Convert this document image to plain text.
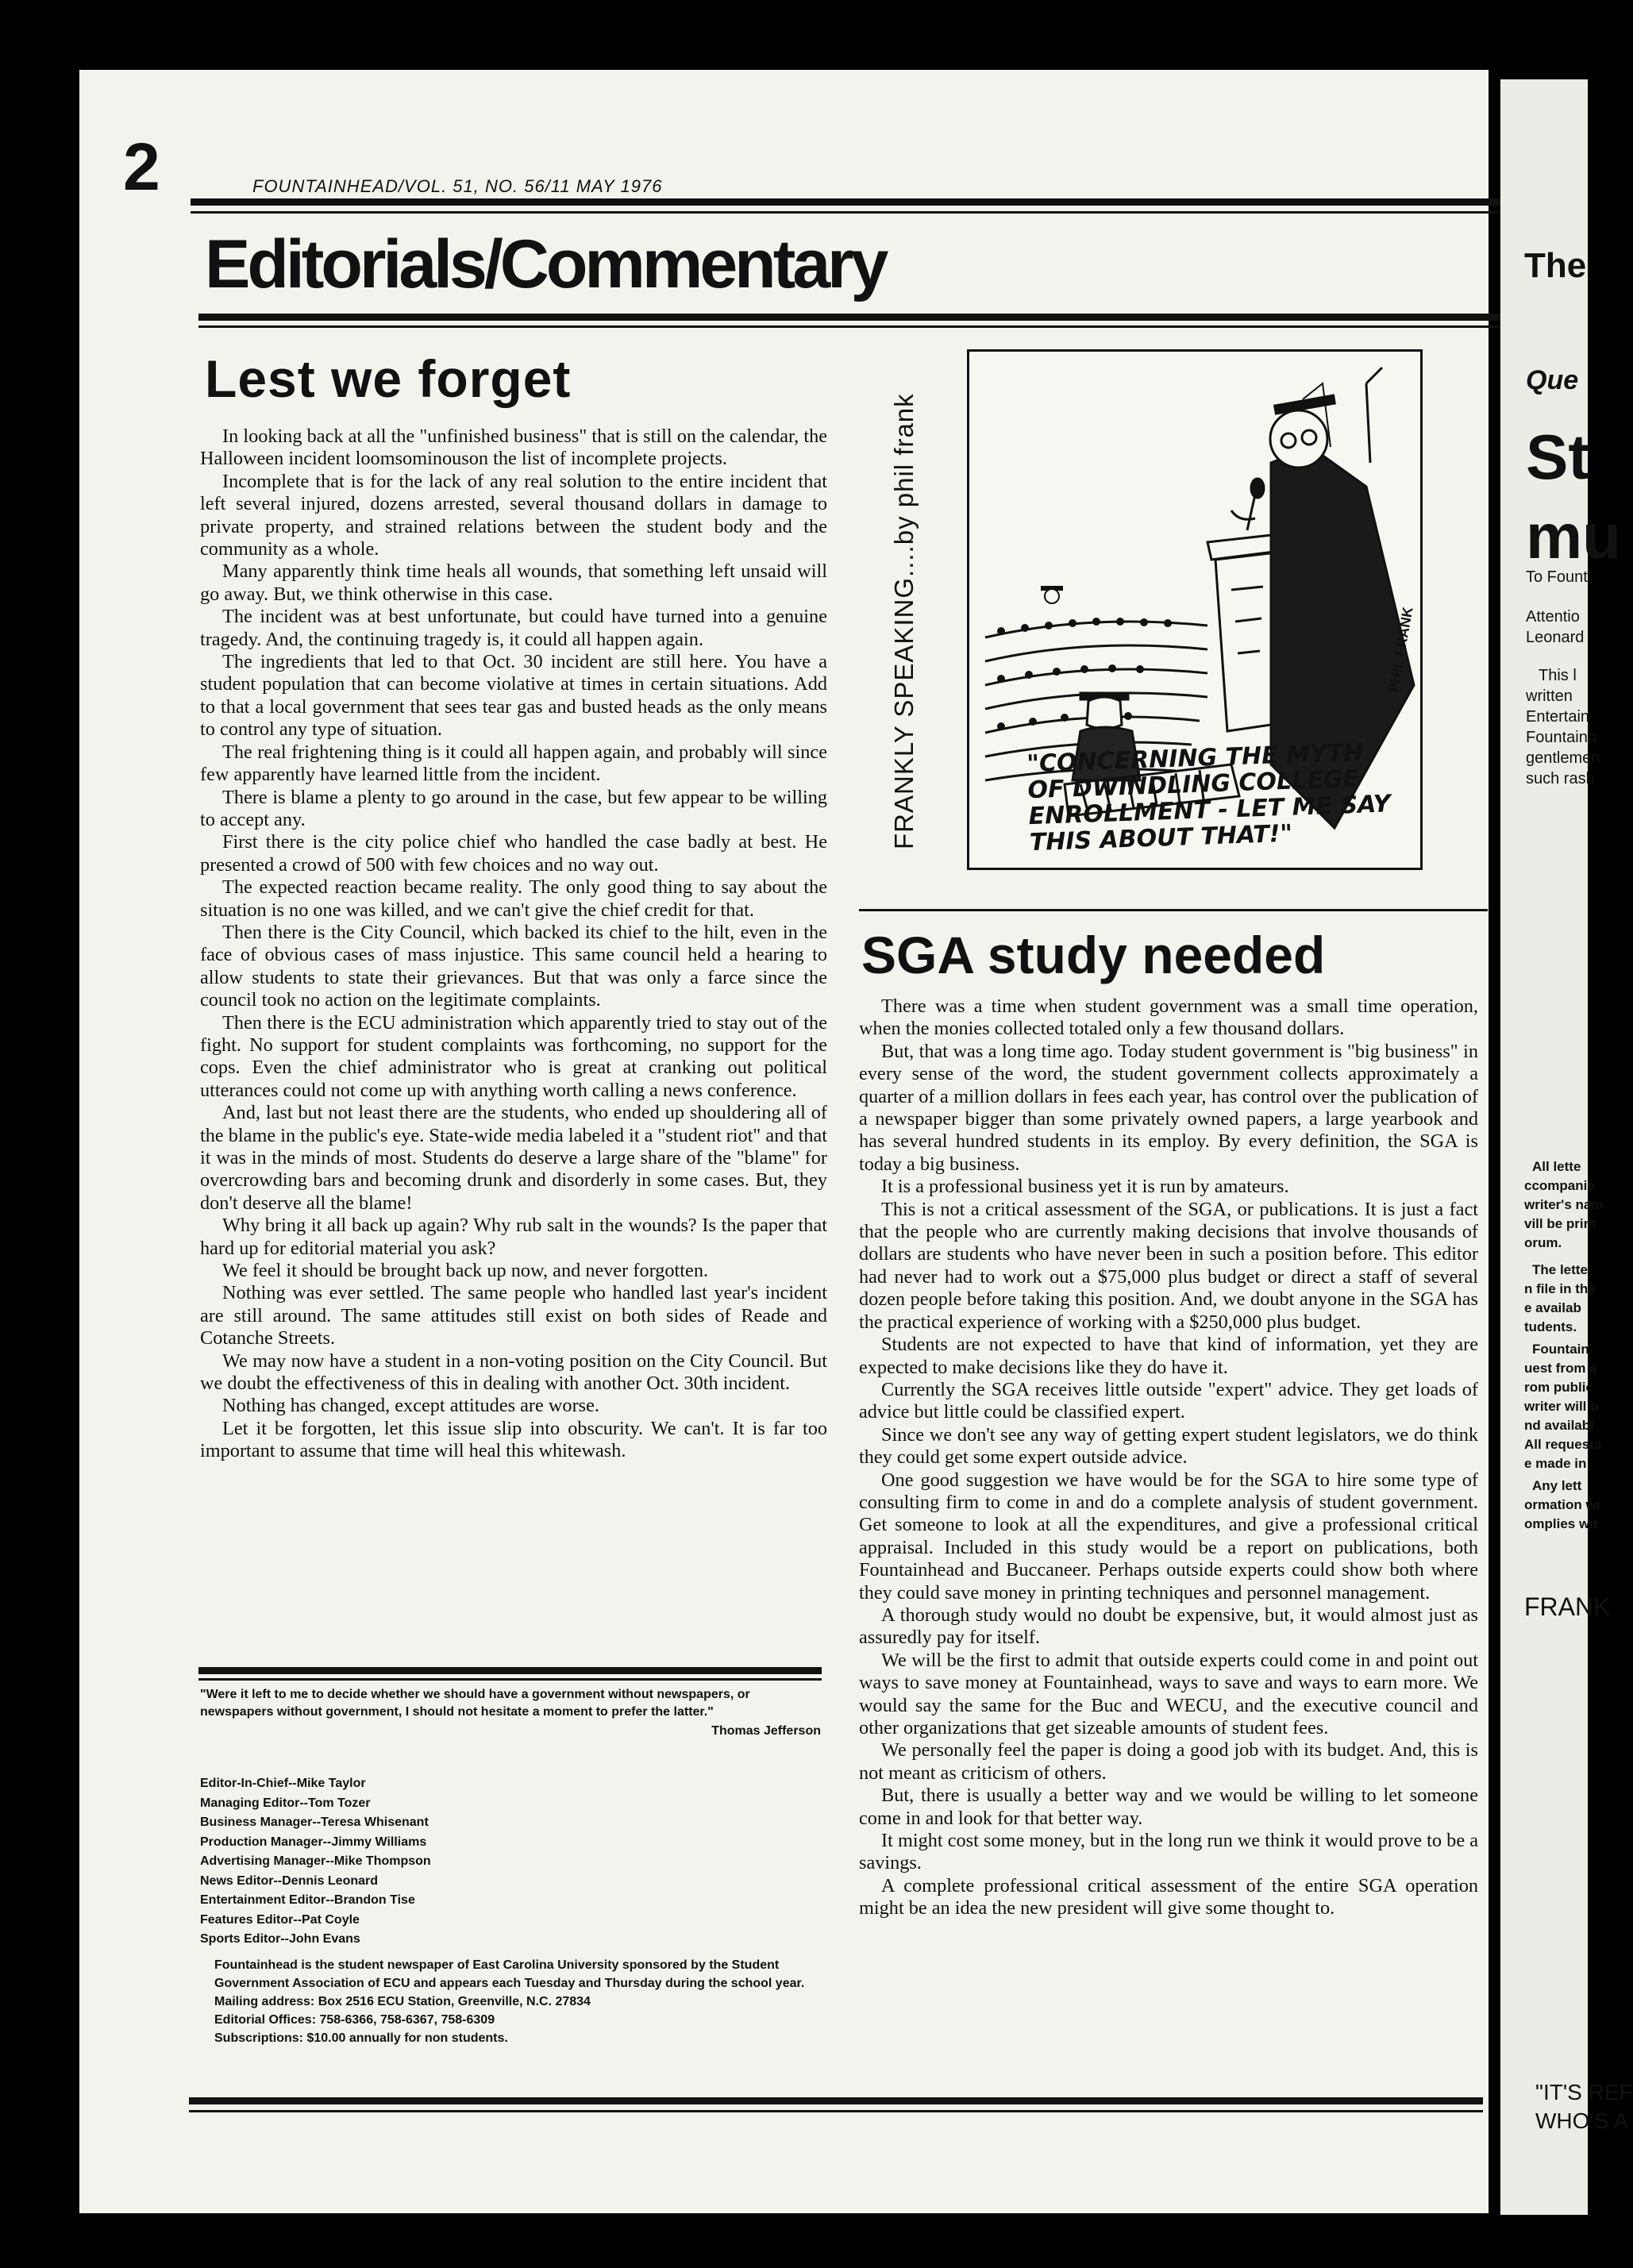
2	FOUNTAINHEAD/VOL. 51, NO. 56/11 MAY 1976
Editorials/Commentary
Lest we forget

In looking back at all the "unfinished business" that is still on the calendar, the Halloween incident loomsominouson the list of incomplete projects.

Incomplete that is for the lack of any real solution to the entire incident that left several injured, dozens arrested, several thousand dollars in damage to private property, and strained relations between the student body and the community as a whole.

Many apparently think time heals all wounds, that something left unsaid will go away. But, we think otherwise in this case.

The incident was at best unfortunate, but could have turned into a genuine tragedy. And, the continuing tragedy is, it could all happen again.

The ingredients that led to that Oct. 30 incident are still here. You have a student population that can become violative at times in certain situations. Add to that a local government that sees tear gas and busted heads as the only means to control any type of situation.

The real frightening thing is it could all happen again, and probably will since few apparently have learned little from the incident.

There is blame a plenty to go around in the case, but few appear to be willing to accept any.

First there is the city police chief who handled the case badly at best. He presented a crowd of 500 with few choices and no way out.

The expected reaction became reality. The only good thing to say about the situation is no one was killed, and we can't give the chief credit for that.

Then there is the City Council, which backed its chief to the hilt, even in the face of obvious cases of mass injustice. This same council held a hearing to allow students to state their grievances. But that was only a farce since the council took no action on the legitimate complaints.

Then there is the ECU administration which apparently tried to stay out of the fight. No support for student complaints was forthcoming, no support for the cops. Even the chief administrator who is great at cranking out political utterances could not come up with anything worth calling a news conference.

And, last but not least there are the students, who ended up shouldering all of the blame in the public's eye. State-wide media labeled it a "student riot" and that it was in the minds of most. Students do deserve a large share of the "blame" for overcrowding bars and becoming drunk and disorderly in some cases. But, they don't deserve all the blame!

Why bring it all back up again? Why rub salt in the wounds? Is the paper that hard up for editorial material you ask?

We feel it should be brought back up now, and never forgotten.

Nothing was ever settled. The same people who handled last year's incident are still around. The same attitudes still exist on both sides of Reade and Cotanche Streets.

We may now have a student in a non-voting position on the City Council. But we doubt the effectiveness of this in dealing with another Oct. 30th incident.

Nothing has changed, except attitudes are worse.

Let it be forgotten, let this issue slip into obscurity. We can't. It is far too important to assume that time will heal this whitewash.

"Were it left to me to decide whether we should have a government without newspapers, or newspapers without government, I should not hesitate a moment to prefer the latter."
Thomas Jefferson
Editor-In-Chief--Mike Taylor
Managing Editor--Tom Tozer
Business Manager--Teresa Whisenant
Production Manager--Jimmy Williams
Advertising Manager--Mike Thompson
News Editor--Dennis Leonard
Entertainment Editor--Brandon Tise
Features Editor--Pat Coyle
Sports Editor--John Evans
Fountainhead is the student newspaper of East Carolina University sponsored by the Student Government Association of ECU and appears each Tuesday and Thursday during the school year.
Mailing address: Box 2516 ECU Station, Greenville, N.C. 27834
Editorial Offices: 758-6366, 758-6367, 758-6309
Subscriptions: $10.00 annually for non students.
FRANKLY SPEAKING....by phil frank	"CONCERNING THE MYTH OF DWINDLING COLLEGE ENROLLMENT - LET ME SAY THIS ABOUT THAT!"
PHIL FRANK
SGA study needed

There was a time when student government was a small time operation, when the monies collected totaled only a few thousand dollars.

But, that was a long time ago. Today student government is "big business" in every sense of the word, the student government collects approximately a quarter of a million dollars in fees each year, has control over the publication of a newspaper bigger than some privately owned papers, a large yearbook and has several hundred students in its employ. By every definition, the SGA is today a big business.

It is a professional business yet it is run by amateurs.

This is not a critical assessment of the SGA, or publications. It is just a fact that the people who are currently making decisions that involve thousands of dollars are students who have never been in such a position before. This editor had never had to work out a $75,000 plus budget or direct a staff of several dozen people before taking this position. And, we doubt anyone in the SGA has the practical experience of working with a $250,000 plus budget.

Students are not expected to have that kind of information, yet they are expected to make decisions like they do have it.

Currently the SGA receives little outside "expert" advice. They get loads of advice but little could be classified expert.

Since we don't see any way of getting expert student legislators, we do think they could get some expert outside advice.

One good suggestion we have would be for the SGA to hire some type of consulting firm to come in and do a complete analysis of student government. Get someone to look at all the expenditures, and give a professional critical appraisal. Included in this study would be a report on publications, both Fountainhead and Buccaneer. Perhaps outside experts could show both where they could save money in printing techniques and personnel management.

A thorough study would no doubt be expensive, but, it would almost just as assuredly pay for itself.

We will be the first to admit that outside experts could come in and point out ways to save money at Fountainhead, ways to save and ways to earn more. We would say the same for the Buc and WECU, and the executive council and other organizations that get sizeable amounts of student fees.

We personally feel the paper is doing a good job with its budget. And, this is not meant as criticism of others.

But, there is usually a better way and we would be willing to let someone come in and look for that better way.

It might cost some money, but in the long run we think it would prove to be a savings.

A complete professional critical assessment of the entire SGA operation might be an idea the new president will give some thought to.

The
Que
St
mu
To Fount
Attentio
Leonard
This l
written
Entertain
Fountainh
gentlemen
such rash
All lette
ccompanie
writer's nam
vill be print
orum.
The lette
n file in the
e availab
tudents.
Fountain
uest from a
rom public
writer will b
nd availabl
All requests
e made in
Any lett
ormation wi
omplies wit
FRANK
"IT'S REF
WHO'S A
